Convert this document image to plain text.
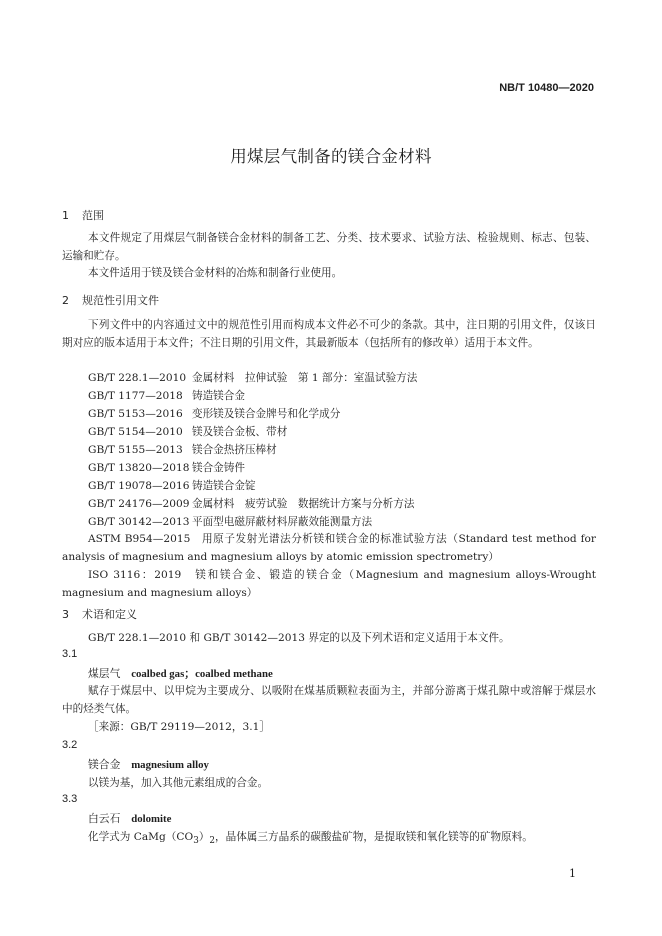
NB/T 10480—2020
用煤层气制备的镁合金材料
1 范围
本文件规定了用煤层气制备镁合金材料的制备工艺、分类、技术要求、试验方法、检验规则、标志、包装、运输和贮存。
本文件适用于镁及镁合金材料的冶炼和制备行业使用。
2 规范性引用文件
下列文件中的内容通过文中的规范性引用而构成本文件必不可少的条款。其中，注日期的引用文件，仅该日期对应的版本适用于本文件；不注日期的引用文件，其最新版本（包括所有的修改单）适用于本文件。
GB/T 228.1—2010 金属材料　拉伸试验　第 1 部分：室温试验方法
GB/T 1177—2018 铸造镁合金
GB/T 5153—2016 变形镁及镁合金牌号和化学成分
GB/T 5154—2010 镁及镁合金板、带材
GB/T 5155—2013 镁合金热挤压棒材
GB/T 13820—2018 镁合金铸件
GB/T 19078—2016 铸造镁合金锭
GB/T 24176—2009 金属材料　疲劳试验　数据统计方案与分析方法
GB/T 30142—2013 平面型电磁屏蔽材料屏蔽效能测量方法
ASTM B954—2015　用原子发射光谱法分析镁和镁合金的标准试验方法（Standard test method for analysis of magnesium and magnesium alloys by atomic emission spectrometry）
ISO 3116：2019　镁和镁合金、锻造的镁合金（Magnesium and magnesium alloys-Wrought magnesium and magnesium alloys）
3 术语和定义
GB/T 228.1—2010 和 GB/T 30142—2013 界定的以及下列术语和定义适用于本文件。
3.1
煤层气　 coalbed gas；coalbed methane
赋存于煤层中、以甲烷为主要成分、以吸附在煤基质颗粒表面为主，并部分游离于煤孔隙中或溶解于煤层水中的烃类气体。
［来源：GB/T 29119—2012，3.1］
3.2
镁合金　 magnesium alloy
以镁为基，加入其他元素组成的合金。
3.3
白云石　 dolomite
化学式为 $CaMg(CO_3)_2$，晶体属三方晶系的碳酸盐矿物，是提取镁和氧化镁等的矿物原料。
1
